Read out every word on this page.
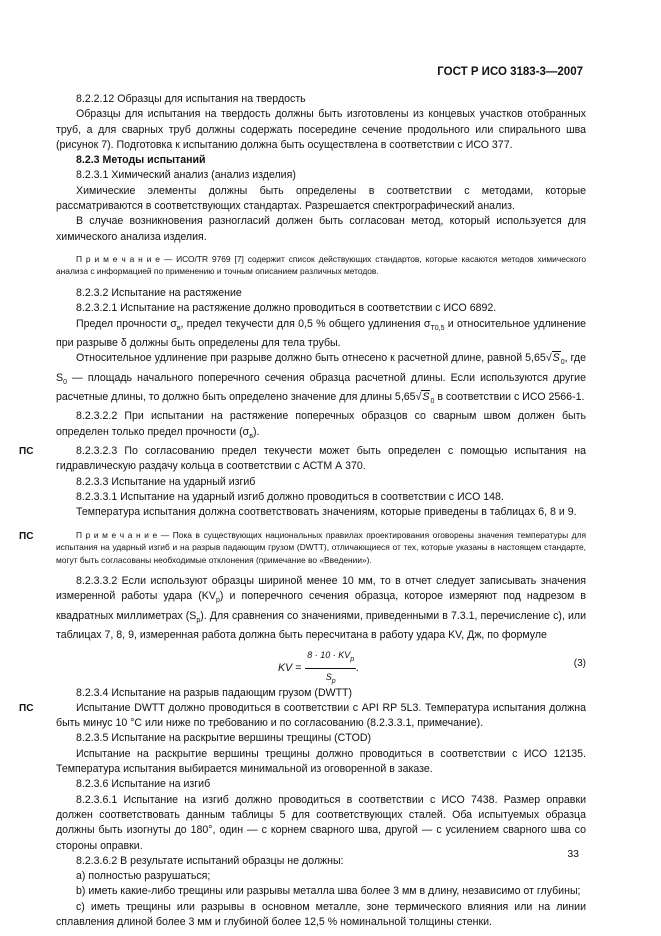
ГОСТ Р ИСО 3183-3—2007

8.2.2.12 Образцы для испытания на твердость

Образцы для испытания на твердость должны быть изготовлены из концевых участков отобранных труб, а для сварных труб должны содержать посередине сечение продольного или спирального шва (рисунок 7). Подготовка к испытанию должна быть осуществлена в соответствии с ИСО 377.

8.2.3 Методы испытаний

8.2.3.1 Химический анализ (анализ изделия)

Химические элементы должны быть определены в соответствии с методами, которые рассматриваются в соответствующих стандартах. Разрешается спектрографический анализ.

В случае возникновения разногласий должен быть согласован метод, который используется для химического анализа изделия.

П р и м е ч а н и е — ИСО/TR 9769 [7] содержит список действующих стандартов, которые касаются методов химического анализа с информацией по применению и точным описанием различных методов.

8.2.3.2 Испытание на растяжение

8.2.3.2.1 Испытание на растяжение должно проводиться в соответствии с ИСО 6892.

Предел прочности $\sigma_в$, предел текучести для 0,5 % общего удлинения $\sigma_{T0,5}$ и относительное удлинение при разрыве δ должны быть определены для тела трубы.

Относительное удлинение при разрыве должно быть отнесено к расчетной длине, равной $5,65√S_0$, где $S_0$ — площадь начального поперечного сечения образца расчетной длины. Если используются другие расчетные длины, то должно быть определено значение для длины $5,65√S_0$ в соответствии с ИСО 2566-1.

8.2.3.2.2 При испытании на растяжение поперечных образцов со сварным швом должен быть определен только предел прочности $(\sigma_в)$.

ПС	8.2.3.2.3 По согласованию предел текучести может быть определен с помощью испытания на гидравлическую раздачу кольца в соответствии с АСТМ А 370.

8.2.3.3 Испытание на ударный изгиб

8.2.3.3.1 Испытание на ударный изгиб должно проводиться в соответствии с ИСО 148.

Температура испытания должна соответствовать значениям, которые приведены в таблицах 6, 8 и 9.

ПС	П р и м е ч а н и е — Пока в существующих национальных правилах проектирования оговорены значения температуры для испытания на ударный изгиб и на разрыв падающим грузом (DWTT), отличающиеся от тех, которые указаны в настоящем стандарте, могут быть согласованы необходимые отклонения (примечание во «Введении»).

8.2.3.3.2 Если используют образцы шириной менее 10 мм, то в отчет следует записывать значения измеренной работы удара $(KV_p)$ и поперечного сечения образца, которое измеряют под надрезом в квадратных миллиметрах $(S_p)$. Для сравнения со значениями, приведенными в 7.3.1, перечисление c), или таблицах 7, 8, 9, измеренная работа должна быть пересчитана в работу удара KV, Дж, по формуле

KV = $\frac{8 \cdot 10 \cdot KV_p}{S_p}$ .	(3)

8.2.3.4 Испытание на разрыв падающим грузом (DWTT)

ПС	Испытание DWTT должно проводиться в соответствии с API RP 5L3. Температура испытания должна быть минус 10 °С или ниже по требованию и по согласованию (8.2.3.3.1, примечание).

8.2.3.5 Испытание на раскрытие вершины трещины (CTOD)

Испытание на раскрытие вершины трещины должно проводиться в соответствии с ИСО 12135. Температура испытания выбирается минимальной из оговоренной в заказе.

8.2.3.6 Испытание на изгиб

8.2.3.6.1 Испытание на изгиб должно проводиться в соответствии с ИСО 7438. Размер оправки должен соответствовать данным таблицы 5 для соответствующих сталей. Оба испытуемых образца должны быть изогнуты до 180°, один — с корнем сварного шва, другой — с усилением сварного шва со стороны оправки.

8.2.3.6.2 В результате испытаний образцы не должны:

a) полностью разрушаться;

b) иметь какие-либо трещины или разрывы металла шва более 3 мм в длину, независимо от глубины;

c) иметь трещины или разрывы в основном металле, зоне термического влияния или на линии сплавления длиной более 3 мм и глубиной более 12,5 % номинальной толщины стенки.

33
